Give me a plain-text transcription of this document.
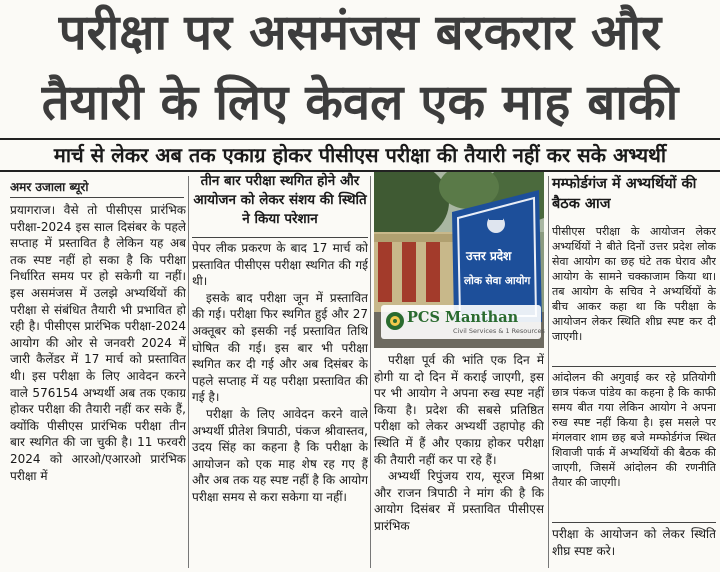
परीक्षा पर असमंजस बरकरार और
तैयारी के लिए केवल एक माह बाकी
मार्च से लेकर अब तक एकाग्र होकर पीसीएस परीक्षा की तैयारी नहीं कर सके अभ्यर्थी
अमर उजाला ब्यूरो

प्रयागराज। वैसे तो पीसीएस प्रारंभिक परीक्षा-2024 इस साल दिसंबर के पहले सप्ताह में प्रस्तावित है लेकिन यह अब तक स्पष्ट नहीं हो सका है कि परीक्षा निर्धारित समय पर हो सकेगी या नहीं। इस असमंजस में उलझे अभ्यर्थियों की परीक्षा से संबंधित तैयारी भी प्रभावित हो रही है। पीसीएस प्रारंभिक परीक्षा-2024 आयोग की ओर से जनवरी 2024 में जारी कैलेंडर में 17 मार्च को प्रस्तावित थी। इस परीक्षा के लिए आवेदन करने वाले 576154 अभ्यर्थी अब तक एकाग्र होकर परीक्षा की तैयारी नहीं कर सके हैं, क्योंकि पीसीएस प्रारंभिक परीक्षा तीन बार स्थगित की जा चुकी है। 11 फरवरी 2024 को आरओ/एआरओ प्रारंभिक परीक्षा में

तीन बार परीक्षा स्थगित होने और आयोजन को लेकर संशय की स्थिति ने किया परेशान

पेपर लीक प्रकरण के बाद 17 मार्च को प्रस्तावित पीसीएस परीक्षा स्थगित की गई थी।

इसके बाद परीक्षा जून में प्रस्तावित की गई। परीक्षा फिर स्थगित हुई और 27 अक्तूबर को इसकी नई प्रस्तावित तिथि घोषित की गई। इस बार भी परीक्षा स्थगित कर दी गई और अब दिसंबर के पहले सप्ताह में यह परीक्षा प्रस्तावित की गई है।

परीक्षा के लिए आवेदन करने वाले अभ्यर्थी प्रीतेश त्रिपाठी, पंकज श्रीवास्तव, उदय सिंह का कहना है कि परीक्षा के आयोजन को एक माह शेष रह गए हैं और अब तक यह स्पष्ट नहीं है कि आयोग परीक्षा समय से करा सकेगा या नहीं।

उत्तर प्रदेश
लोक सेवा आयोग
PCS Manthan
Civil Services & 1 Resources

परीक्षा पूर्व की भांति एक दिन में होगी या दो दिन में कराई जाएगी, इस पर भी आयोग ने अपना रुख स्पष्ट नहीं किया है। प्रदेश की सबसे प्रतिष्ठित परीक्षा को लेकर अभ्यर्थी उहापोह की स्थिति में हैं और एकाग्र होकर परीक्षा की तैयारी नहीं कर पा रहे हैं।

अभ्यर्थी रिपुंजय राय, सूरज मिश्रा और राजन त्रिपाठी ने मांग की है कि आयोग दिसंबर में प्रस्तावित पीसीएस प्रारंभिक

मम्फोर्डगंज में अभ्यर्थियों की बैठक आज

पीसीएस परीक्षा के आयोजन लेकर अभ्यर्थियों ने बीते दिनों उत्तर प्रदेश लोक सेवा आयोग का छह घंटे तक घेराव और आयोग के सामने चक्काजाम किया था। तब आयोग के सचिव ने अभ्यर्थियों के बीच आकर कहा था कि परीक्षा के आयोजन लेकर स्थिति शीघ्र स्पष्ट कर दी जाएगी।

आंदोलन की अगुवाई कर रहे प्रतियोगी छात्र पंकज पांडेय का कहना है कि काफी समय बीत गया लेकिन आयोग ने अपना रुख स्पष्ट नहीं किया है। इस मसले पर मंगलवार शाम छह बजे मम्फोर्डगंज स्थित शिवाजी पार्क में अभ्यर्थियों की बैठक की जाएगी, जिसमें आंदोलन की रणनीति तैयार की जाएगी।

परीक्षा के आयोजन को लेकर स्थिति शीघ्र स्पष्ट करे।
